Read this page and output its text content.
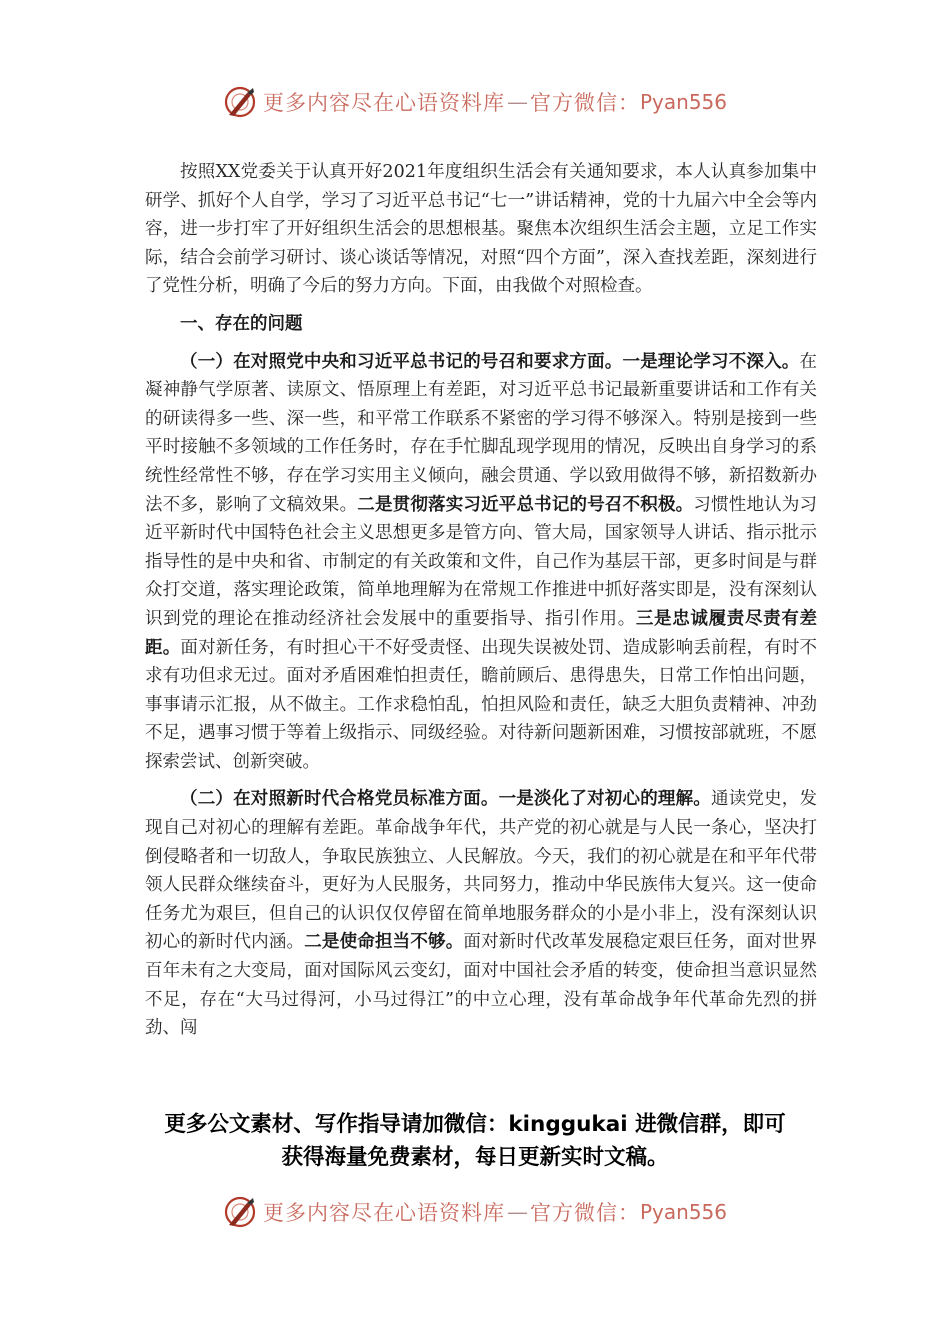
更多内容尽在心语资料库 — 官方微信： Pyan556

按照XX党委关于认真开好2021年度组织生活会有关通知要求，本人认真参加集中研学、抓好个人自学，学习了习近平总书记“七一”讲话精神，党的十九届六中全会等内容，进一步打牢了开好组织生活会的思想根基。聚焦本次组织生活会主题，立足工作实际，结合会前学习研讨、谈心谈话等情况，对照“四个方面”，深入查找差距，深刻进行了党性分析，明确了今后的努力方向。下面，由我做个对照检查。

一、存在的问题

（一）在对照党中央和习近平总书记的号召和要求方面。一是理论学习不深入。在凝神静气学原著、读原文、悟原理上有差距，对习近平总书记最新重要讲话和工作有关的研读得多一些、深一些，和平常工作联系不紧密的学习得不够深入。特别是接到一些平时接触不多领域的工作任务时，存在手忙脚乱现学现用的情况，反映出自身学习的系统性经常性不够，存在学习实用主义倾向，融会贯通、学以致用做得不够，新招数新办法不多，影响了文稿效果。二是贯彻落实习近平总书记的号召不积极。习惯性地认为习近平新时代中国特色社会主义思想更多是管方向、管大局，国家领导人讲话、指示批示指导性的是中央和省、市制定的有关政策和文件，自己作为基层干部，更多时间是与群众打交道，落实理论政策，简单地理解为在常规工作推进中抓好落实即是，没有深刻认识到党的理论在推动经济社会发展中的重要指导、指引作用。三是忠诚履责尽责有差距。面对新任务，有时担心干不好受责怪、出现失误被处罚、造成影响丢前程，有时不求有功但求无过。面对矛盾困难怕担责任，瞻前顾后、患得患失，日常工作怕出问题，事事请示汇报，从不做主。工作求稳怕乱，怕担风险和责任，缺乏大胆负责精神、冲劲不足，遇事习惯于等着上级指示、同级经验。对待新问题新困难，习惯按部就班，不愿探索尝试、创新突破。

（二）在对照新时代合格党员标准方面。一是淡化了对初心的理解。通读党史，发现自己对初心的理解有差距。革命战争年代，共产党的初心就是与人民一条心，坚决打倒侵略者和一切敌人，争取民族独立、人民解放。今天，我们的初心就是在和平年代带领人民群众继续奋斗，更好为人民服务，共同努力，推动中华民族伟大复兴。这一使命任务尤为艰巨，但自己的认识仅仅停留在简单地服务群众的小是小非上，没有深刻认识初心的新时代内涵。二是使命担当不够。面对新时代改革发展稳定艰巨任务，面对世界百年未有之大变局，面对国际风云变幻，面对中国社会矛盾的转变，使命担当意识显然不足，存在“大马过得河，小马过得江”的中立心理，没有革命战争年代革命先烈的拼劲、闯

更多公文素材、写作指导请加微信：kinggukai 进微信群，即可
获得海量免费素材，每日更新实时文稿。
更多内容尽在心语资料库 — 官方微信： Pyan556
